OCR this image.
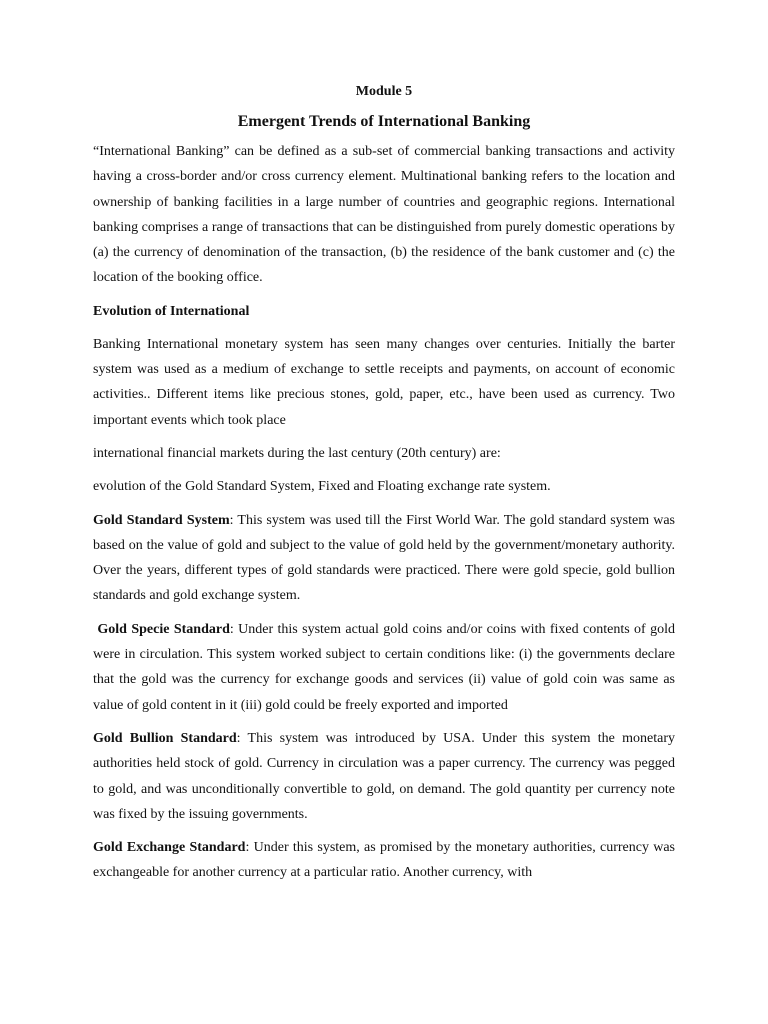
Module 5
Emergent Trends of International Banking

“International Banking” can be defined as a sub-set of commercial banking transactions and activity having a cross-border and/or cross currency element. Multinational banking refers to the location and ownership of banking facilities in a large number of countries and geographic regions. International banking comprises a range of transactions that can be distinguished from purely domestic operations by (a) the currency of denomination of the transaction, (b) the residence of the bank customer and (c) the location of the booking office.

Evolution of International

Banking International monetary system has seen many changes over centuries. Initially the barter system was used as a medium of exchange to settle receipts and payments, on account of economic activities.. Different items like precious stones, gold, paper, etc., have been used as currency. Two important events which took place

international financial markets during the last century (20th century) are:

evolution of the Gold Standard System, Fixed and Floating exchange rate system.

Gold Standard System: This system was used till the First World War. The gold standard system was based on the value of gold and subject to the value of gold held by the government/monetary authority. Over the years, different types of gold standards were practiced. There were gold specie, gold bullion standards and gold exchange system.

Gold Specie Standard: Under this system actual gold coins and/or coins with fixed contents of gold were in circulation. This system worked subject to certain conditions like: (i) the governments declare that the gold was the currency for exchange goods and services (ii) value of gold coin was same as value of gold content in it (iii) gold could be freely exported and imported

Gold Bullion Standard: This system was introduced by USA. Under this system the monetary authorities held stock of gold. Currency in circulation was a paper currency. The currency was pegged to gold, and was unconditionally convertible to gold, on demand. The gold quantity per currency note was fixed by the issuing governments.

Gold Exchange Standard: Under this system, as promised by the monetary authorities, currency was exchangeable for another currency at a particular ratio. Another currency, with
